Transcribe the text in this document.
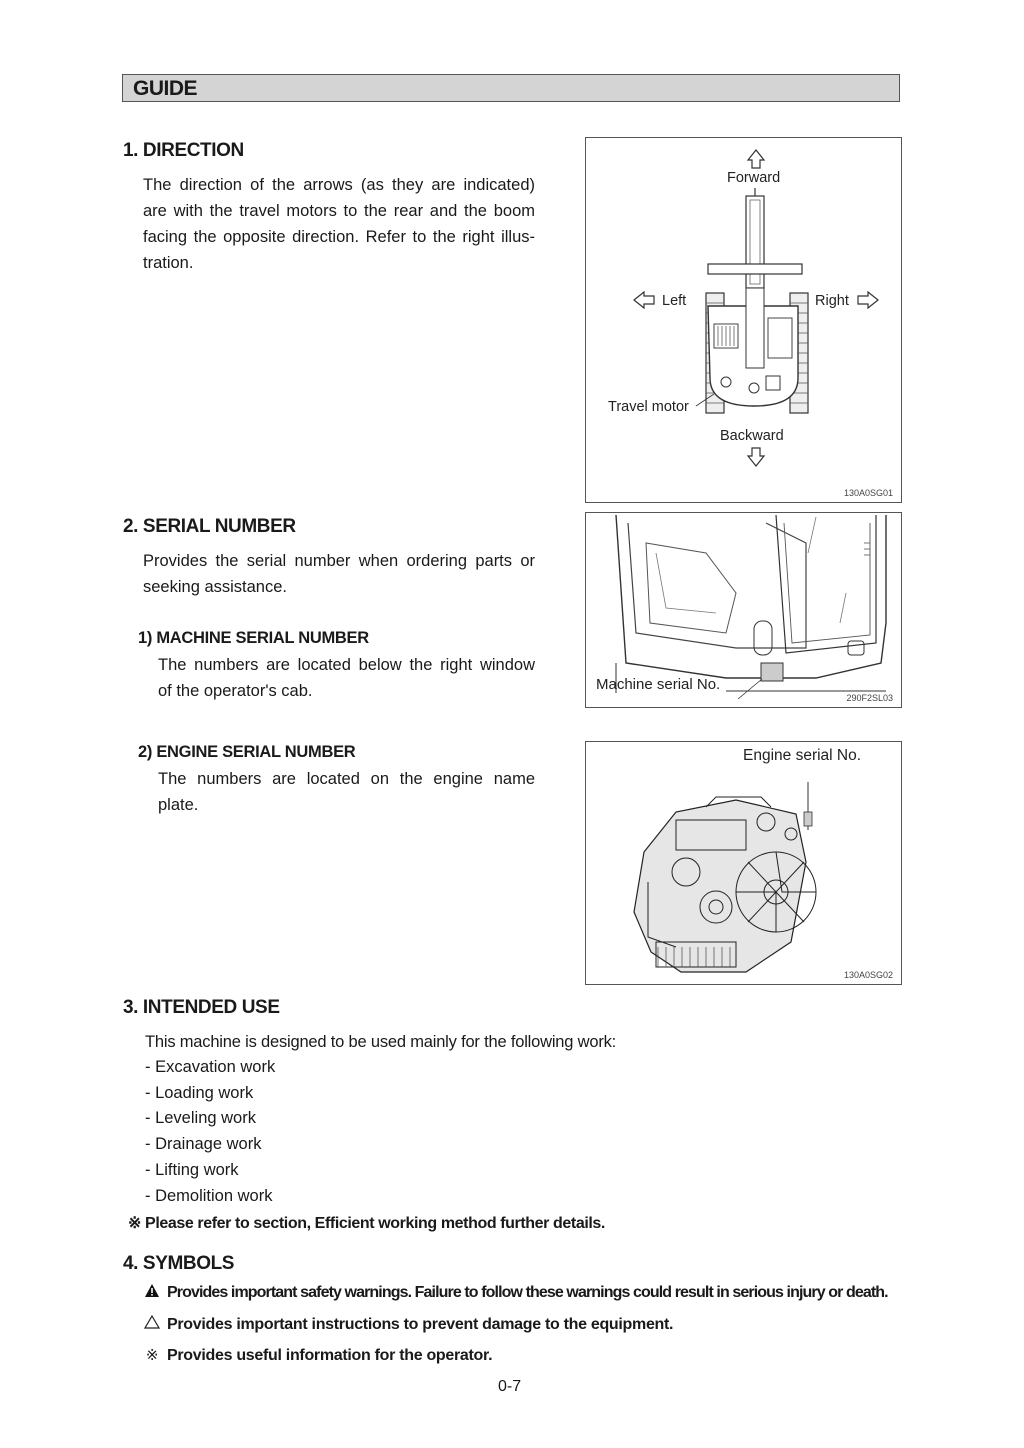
GUIDE
1. DIRECTION
The direction of the arrows (as they are indicated)
are with the travel motors to the rear and the boom
facing the opposite direction. Refer to the right illus-
tration.
Forward
Left	Right
Travel motor
Backward
130A0SG01
2. SERIAL NUMBER
Provides the serial number when ordering parts or
seeking assistance.
1) MACHINE SERIAL NUMBER
The numbers are located below the right window
of the operator's cab.	Machine serial No.
290F2SL03
2) ENGINE SERIAL NUMBER
The numbers are located on the engine name
plate.
Engine serial No.
130A0SG02
3. INTENDED USE
This machine is designed to be used mainly for the following work:
- Excavation work
- Loading work
- Leveling work
- Drainage work
- Lifting work
- Demolition work
※ Please refer to section, Efficient working method further details.
4. SYMBOLS
Provides important safety warnings. Failure to follow these warnings could result in serious injury or death.
Provides important instructions to prevent damage to the equipment.
※ Provides useful information for the operator.
0-7
